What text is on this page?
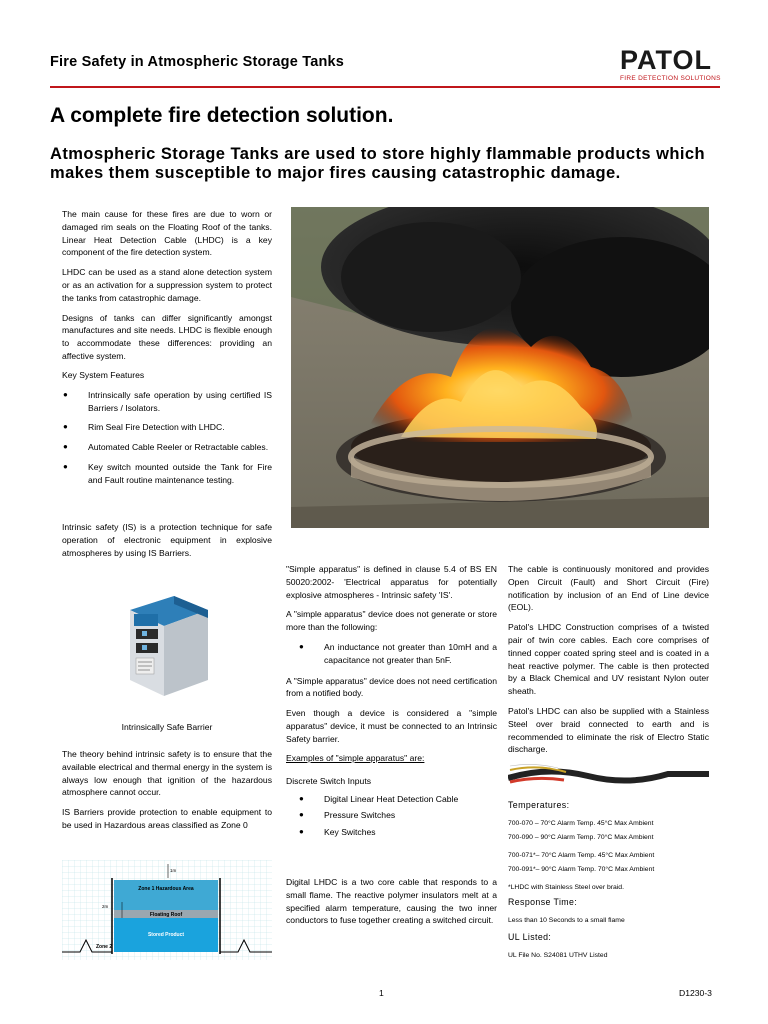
Fire Safety in Atmospheric Storage Tanks	PATOL
FIRE DETECTION SOLUTIONS
A complete fire detection solution.
Atmospheric Storage Tanks are used to store highly flammable products which makes them susceptible to major fires causing catastrophic damage.
The main cause for these fires are due to worn or damaged rim seals on the Floating Roof of the tanks. Linear Heat Detection Cable (LHDC) is a key component of the fire detection system.
LHDC can be used as a stand alone detection system or as an activation for a suppression system to protect the tanks from catastrophic damage.
Designs of tanks can differ significantly amongst manufactures and site needs. LHDC is flexible enough to accommodate these differences: providing an affective system.
Key System Features
● Intrinsically safe operation by using certified IS Barriers / Isolators.
● Rim Seal Fire Detection with LHDC.
● Automated Cable Reeler or Retractable cables.
● Key switch mounted outside the Tank for Fire and Fault routine maintenance testing.
Intrinsic safety (IS) is a protection technique for safe operation of electronic equipment in explosive atmospheres by using IS Barriers.
Intrinsically Safe Barrier
The theory behind intrinsic safety is to ensure that the available electrical and thermal energy in the system is always low enough that ignition of the hazardous atmosphere cannot occur.
IS Barriers provide protection to enable equipment to be used in Hazardous areas classified as Zone 0
1m
Zone 1 Hazardous Area
2m
Floating Roof
Stored Product
Zone 2
"Simple apparatus" is defined in clause 5.4 of BS EN 50020:2002- 'Electrical apparatus for potentially explosive atmospheres - Intrinsic safety 'IS'.
A "simple apparatus" device does not generate or store more than the following:
● An inductance not greater than 10mH and a capacitance not greater than 5nF.
A "Simple apparatus" device does not need certification from a notified body.
Even though a device is considered a "simple apparatus" device, it must be connected to an Intrinsic Safety barrier.
Examples of "simple apparatus" are:
Discrete Switch Inputs
● Digital Linear Heat Detection Cable
● Pressure Switches
● Key Switches
Digital LHDC is a two core cable that responds to a small flame. The reactive polymer insulators melt at a specified alarm temperature, causing the two inner conductors to fuse together creating a switched circuit.
The cable is continuously monitored and provides Open Circuit (Fault) and Short Circuit (Fire) notification by inclusion of an End of Line device (EOL).
Patol's LHDC Construction comprises of a twisted pair of twin core cables. Each core comprises of tinned copper coated spring steel and is coated in a heat reactive polymer. The cable is then protected by a Black Chemical and UV resistant Nylon outer sheath.
Patol's LHDC can also be supplied with a Stainless Steel over braid connected to earth and is recommended to eliminate the risk of Electro Static discharge.
Temperatures:
700-070 – 70°C Alarm Temp. 45°C Max Ambient
700-090 – 90°C Alarm Temp. 70°C Max Ambient
700-071*– 70°C Alarm Temp. 45°C Max Ambient
700-091*– 90°C Alarm Temp. 70°C Max Ambient
*LHDC with Stainless Steel over braid.
Response Time:
Less than 10 Seconds to a small flame
UL Listed:
UL File No. S24081 UTHV Listed
1	D1230-3
